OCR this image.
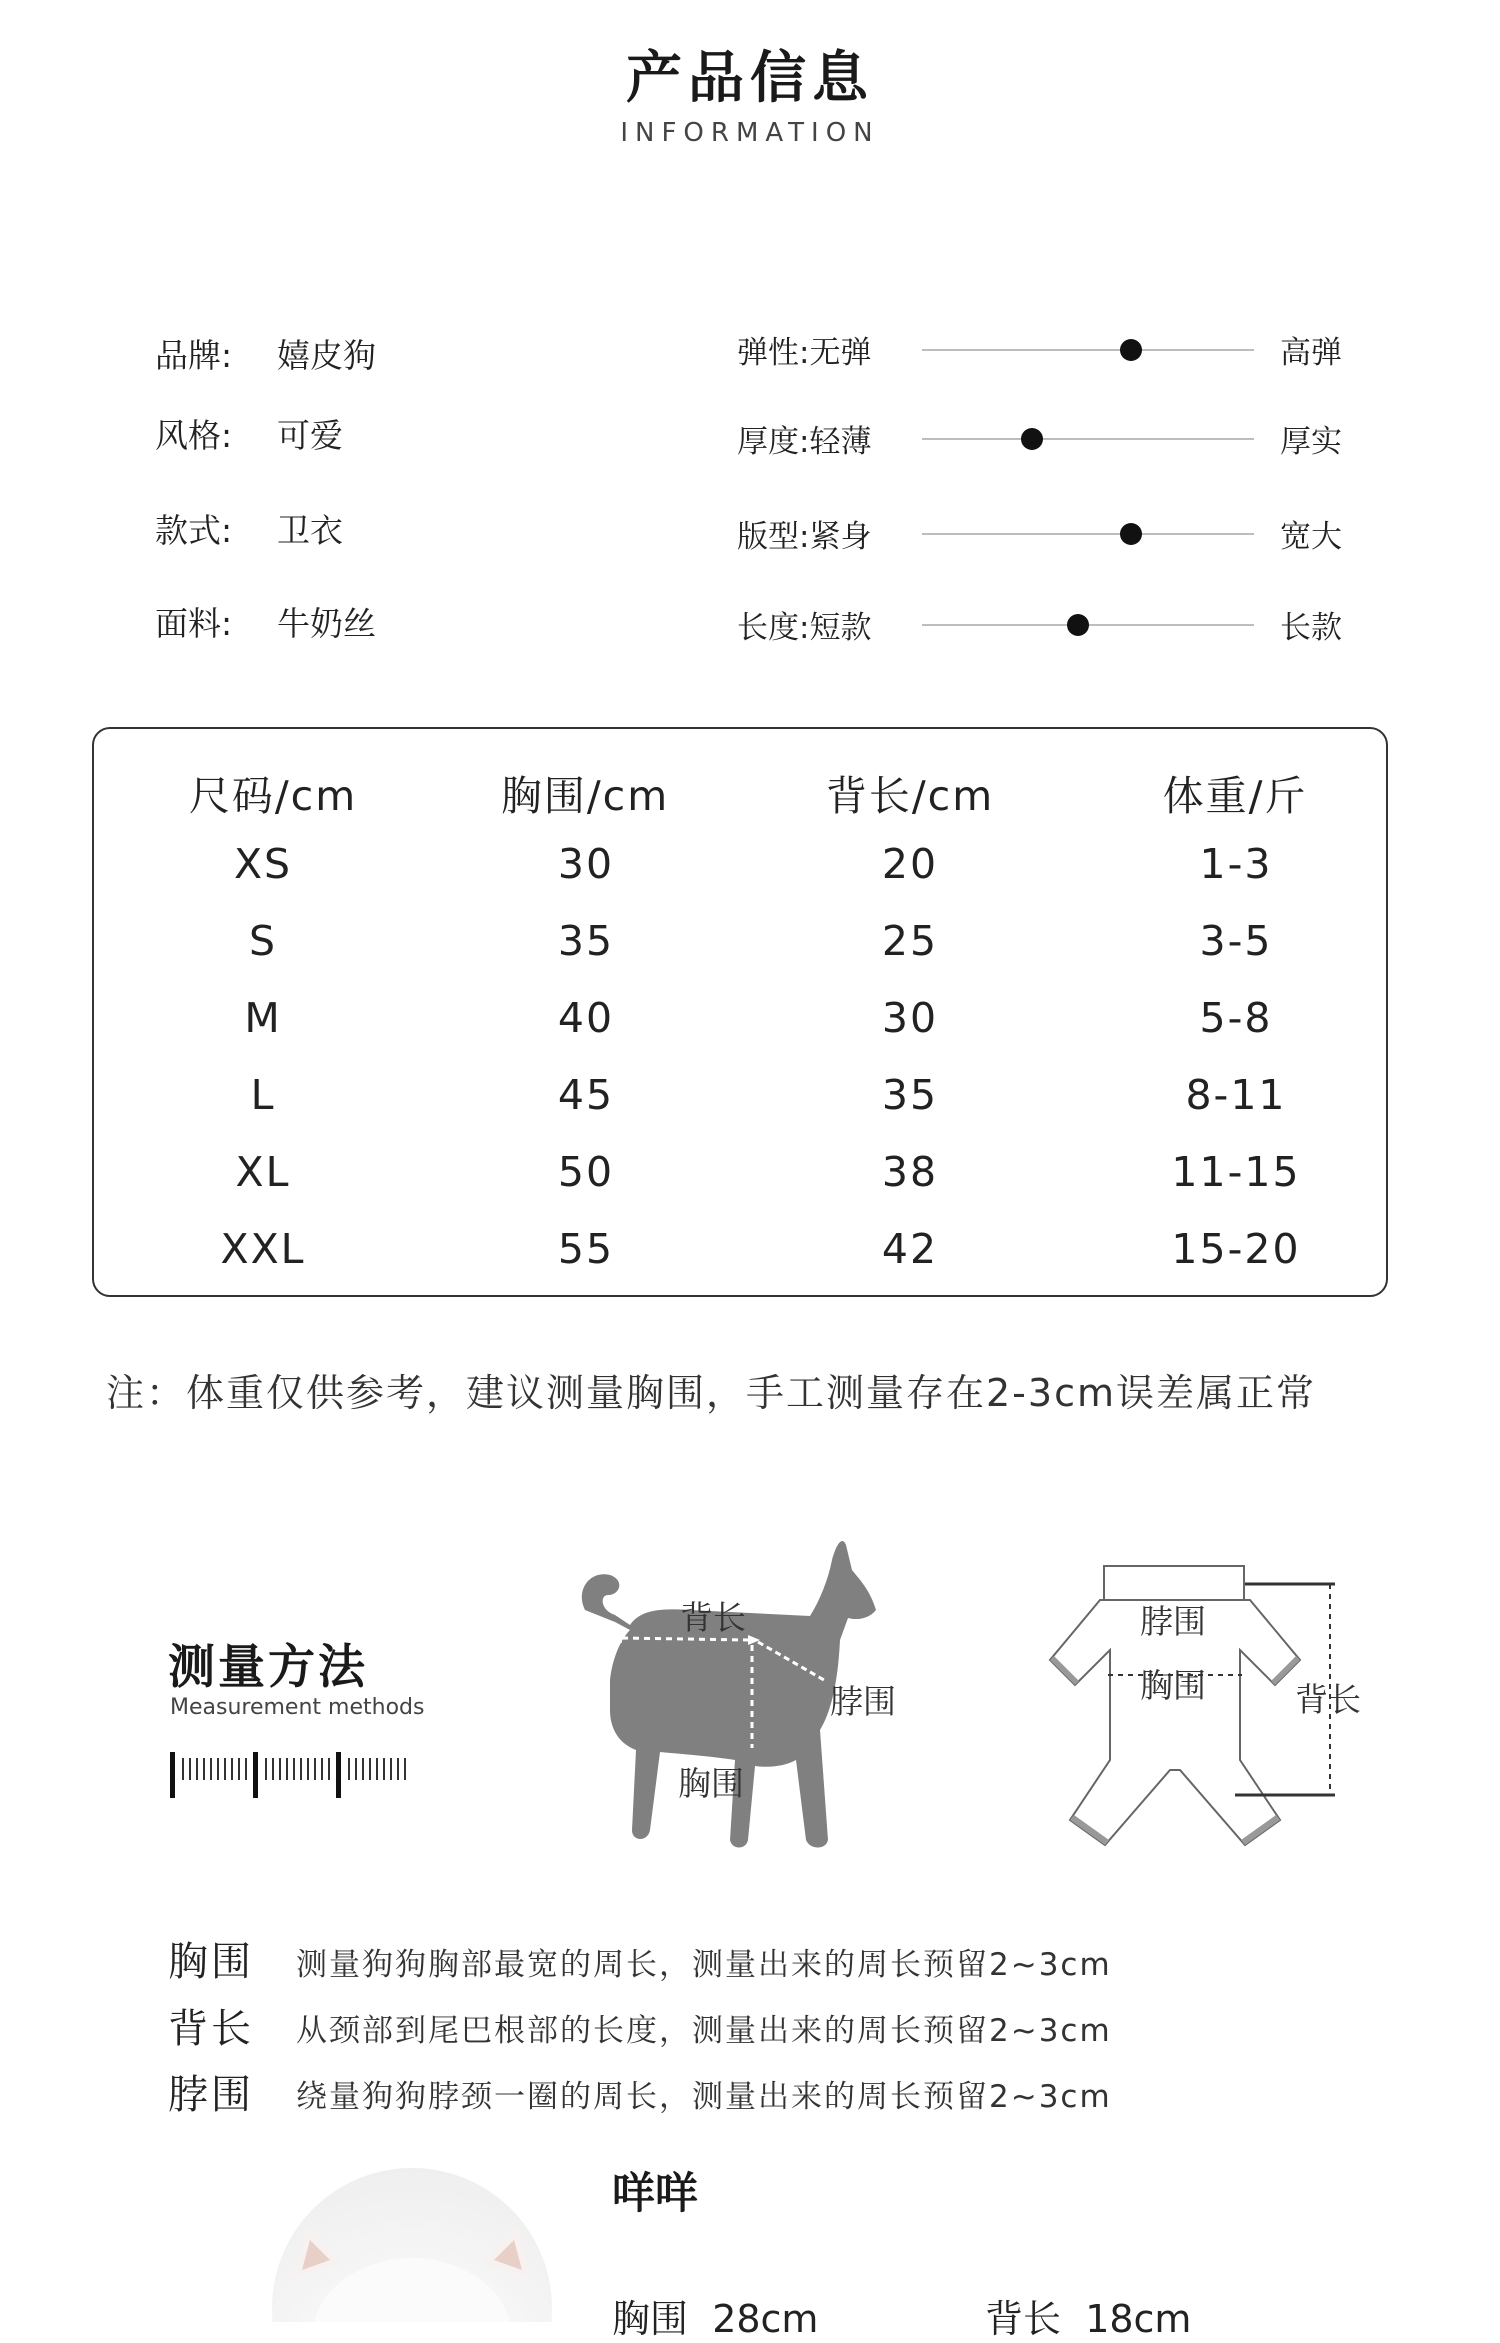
产品信息
INFORMATION
品牌: 嬉皮狗
风格: 可爱
款式: 卫衣
面料: 牛奶丝
弹性:无弹	高弹
厚度:轻薄	厚实
版型:紧身	宽大
长度:短款	长款
尺码/cm	胸围/cm	背长/cm	体重/斤
XS	30	20	1-3
S	35	25	3-5
M	40	30	5-8
L	45	35	8-11
XL	50	38	11-15
XXL	55	42	15-20
注：体重仅供参考，建议测量胸围，手工测量存在2-3cm误差属正常
测量方法
Measurement methods
背长
脖围
胸围
脖围
胸围	背长
胸围 测量狗狗胸部最宽的周长，测量出来的周长预留2~3cm
背长 从颈部到尾巴根部的长度，测量出来的周长预留2~3cm
脖围 绕量狗狗脖颈一圈的周长，测量出来的周长预留2~3cm
咩咩
胸围 28cm	背长 18cm
